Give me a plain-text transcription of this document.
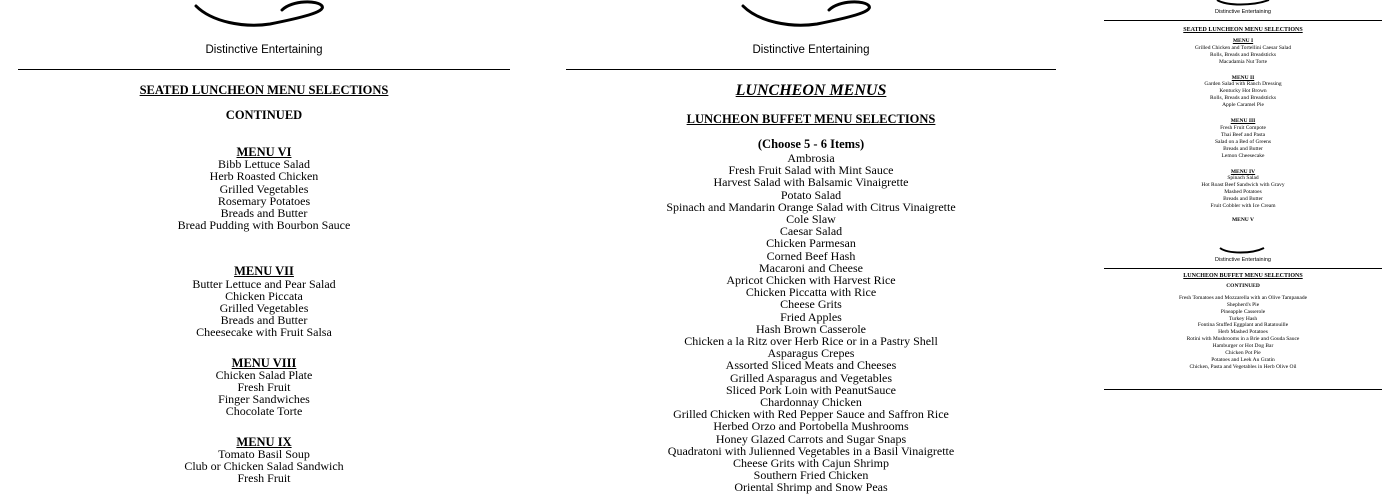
Distinctive Entertaining
SEATED LUNCHEON MENU SELECTIONS
CONTINUED
MENU VI
Bibb Lettuce Salad
Herb Roasted Chicken
Grilled Vegetables
Rosemary Potatoes
Breads and Butter
Bread Pudding with Bourbon Sauce
MENU VII
Butter Lettuce and Pear Salad
Chicken Piccata
Grilled Vegetables
Breads and Butter
Cheesecake with Fruit Salsa
MENU VIII
Chicken Salad Plate
Fresh Fruit
Finger Sandwiches
Chocolate Torte
MENU IX
Tomato Basil Soup
Club or Chicken Salad Sandwich
Fresh Fruit
Distinctive Entertaining
LUNCHEON MENUS
LUNCHEON BUFFET MENU SELECTIONS
(Choose 5 - 6 Items)
Ambrosia
Fresh Fruit Salad with Mint Sauce
Harvest Salad with Balsamic Vinaigrette
Potato Salad
Spinach and Mandarin Orange Salad with Citrus Vinaigrette
Cole Slaw
Caesar Salad
Chicken Parmesan
Corned Beef Hash
Macaroni and Cheese
Apricot Chicken with Harvest Rice
Chicken Piccatta with Rice
Cheese Grits
Fried Apples
Hash Brown Casserole
Chicken a la Ritz over Herb Rice or in a Pastry Shell
Asparagus Crepes
Assorted Sliced Meats and Cheeses
Grilled Asparagus and Vegetables
Sliced Pork Loin with PeanutSauce
Chardonnay Chicken
Grilled Chicken with Red Pepper Sauce and Saffron Rice
Herbed Orzo and Portobella Mushrooms
Honey Glazed Carrots and Sugar Snaps
Quadratoni with Julienned Vegetables in a Basil Vinaigrette
Cheese Grits with Cajun Shrimp
Southern Fried Chicken
Oriental Shrimp and Snow Peas
Distinctive Entertaining
SEATED LUNCHEON MENU SELECTIONS
MENU I
Grilled Chicken and Tortellini Caesar Salad
Rolls, Breads and Breadsticks
Macadamia Nut Torte
MENU II
Garden Salad with Ranch Dressing
Kentucky Hot Brown
Rolls, Breads and Breadsticks
Apple Caramel Pie
MENU III
Fresh Fruit Compote
Thai Beef and Pasta
Salad on a Bed of Greens
Breads and Butter
Lemon Cheesecake
MENU IV
Spinach Salad
Hot Roast Beef Sandwich with Gravy
Mashed Potatoes
Breads and Butter
Fruit Cobbler with Ice Cream
MENU V
Distinctive Entertaining
LUNCHEON BUFFET MENU SELECTIONS
CONTINUED
Fresh Tomatoes and Mozzarella with an Olive Tampanade
Shepherd's Pie
Pineapple Casserole
Turkey Hash
Fontina Stuffed Eggplant and Ratatouille
Herb Mashed Potatoes
Rotini with Mushrooms in a Brie and Gouda Sauce
Hamburger or Hot Dog Bar
Chicken Pot Pie
Potatoes and Leek Au Gratin
Chicken, Pasta and Vegetables in Herb Olive Oil
